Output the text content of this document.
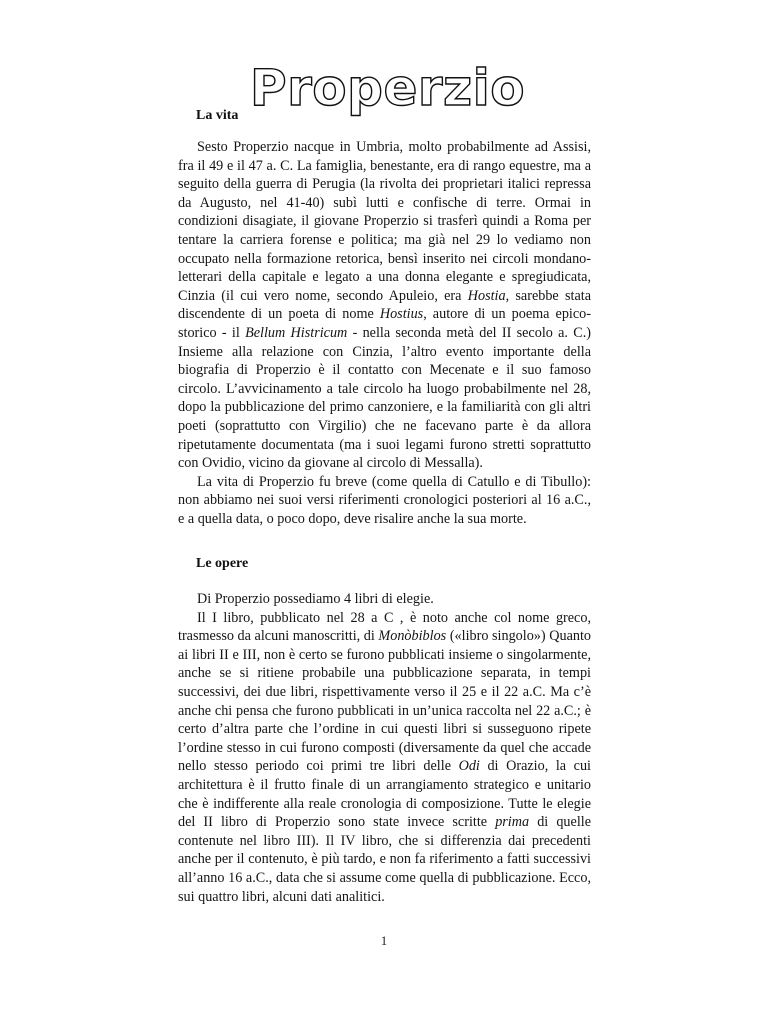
La vita Properzio

Sesto Properzio nacque in Umbria, molto probabilmente ad Assisi, fra il 49 e il 47 a. C. La famiglia, benestante, era di rango equestre, ma a seguito della guerra di Perugia (la rivolta dei proprietari italici repressa da Augusto, nel 41-40) subì lutti e confische di terre. Ormai in condizioni disagiate, il giovane Properzio si trasferì quindi a Roma per tentare la carriera forense e politica; ma già nel 29 lo vediamo non occupato nella formazione retorica, bensì inserito nei circoli mondano-letterari della capitale e legato a una donna elegante e spregiudicata, Cinzia (il cui vero nome, secondo Apuleio, era Hostia, sarebbe stata discendente di un poeta di nome Hostius, autore di un poema epico-storico - il Bellum Histricum - nella seconda metà del II secolo a. C.) Insieme alla relazione con Cinzia, l’altro evento importante della biografia di Properzio è il contatto con Mecenate e il suo famoso circolo. L’avvicinamento a tale circolo ha luogo probabilmente nel 28, dopo la pubblicazione del primo canzoniere, e la familiarità con gli altri poeti (soprattutto con Virgilio) che ne facevano parte è da allora ripetutamente documentata (ma i suoi legami furono stretti soprattutto con Ovidio, vicino da giovane al circolo di Messalla).

La vita di Properzio fu breve (come quella di Catullo e di Tibullo): non abbiamo nei suoi versi riferimenti cronologici posteriori al 16 a.C., e a quella data, o poco dopo, deve risalire anche la sua morte.

Le opere

Di Properzio possediamo 4 libri di elegie.

Il I libro, pubblicato nel 28 a C , è noto anche col nome greco, trasmesso da alcuni manoscritti, di Monòbiblos («libro singolo») Quanto ai libri II e III, non è certo se furono pubblicati insieme o singolarmente, anche se si ritiene probabile una pubblicazione separata, in tempi successivi, dei due libri, rispettivamente verso il 25 e il 22 a.C. Ma c’è anche chi pensa che furono pubblicati in un’unica raccolta nel 22 a.C.; è certo d’altra parte che l’ordine in cui questi libri si susseguono ripete l’ordine stesso in cui furono composti (diversamente da quel che accade nello stesso periodo coi primi tre libri delle Odi di Orazio, la cui architettura è il frutto finale di un arrangiamento strategico e unitario che è indifferente alla reale cronologia di composizione. Tutte le elegie del II libro di Properzio sono state invece scritte prima di quelle contenute nel libro III). Il IV libro, che si differenzia dai precedenti anche per il contenuto, è più tardo, e non fa riferimento a fatti successivi all’anno 16 a.C., data che si assume come quella di pubblicazione. Ecco, sui quattro libri, alcuni dati analitici.

1
